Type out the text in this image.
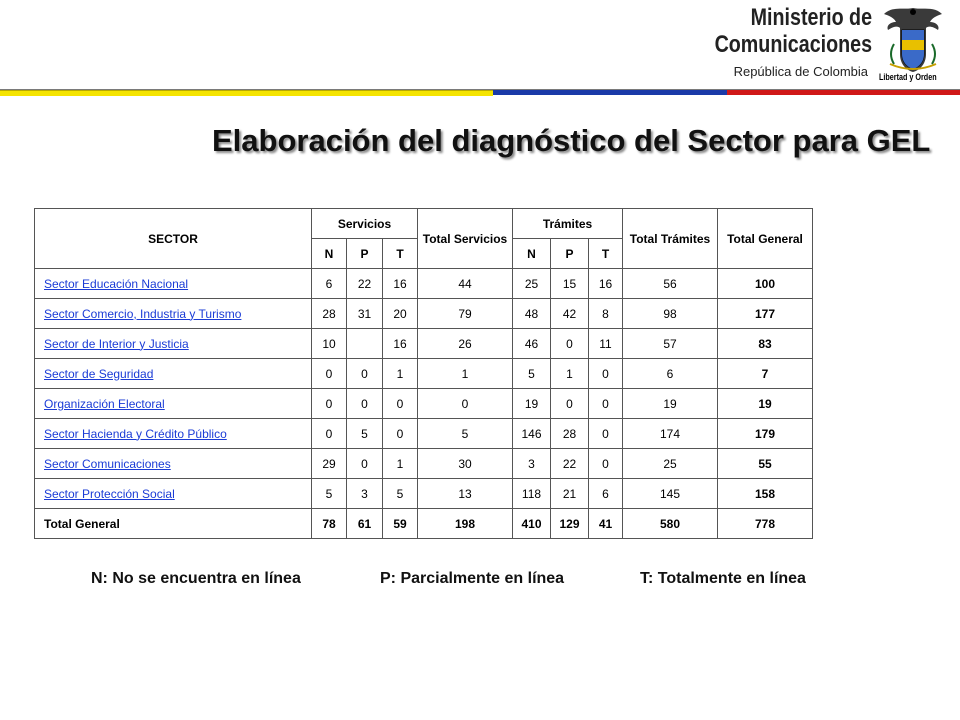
Ministerio de
Comunicaciones
República de Colombia Libertad y Orden
Elaboración del diagnóstico del Sector para GEL
SECTOR	Servicios			Total Servicios	Trámites			Total Trámites	Total General
	N	P	T		N	P	T		
Sector Educación Nacional	6	22	16	44	25	15	16	56	100
Sector Comercio, Industria y Turismo	28	31	20	79	48	42	8	98	177
Sector de Interior y Justicia	10		16	26	46	0	11	57	83
Sector de Seguridad	0	0	1	1	5	1	0	6	7
Organización Electoral	0	0	0	0	19	0	0	19	19
Sector Hacienda y Crédito Público	0	5	0	5	146	28	0	174	179
Sector Comunicaciones	29	0	1	30	3	22	0	25	55
Sector Protección Social	5	3	5	13	118	21	6	145	158
Total General	78	61	59	198	410	129	41	580	778
N: No se encuentra en línea	P: Parcialmente en línea	T: Totalmente en línea
